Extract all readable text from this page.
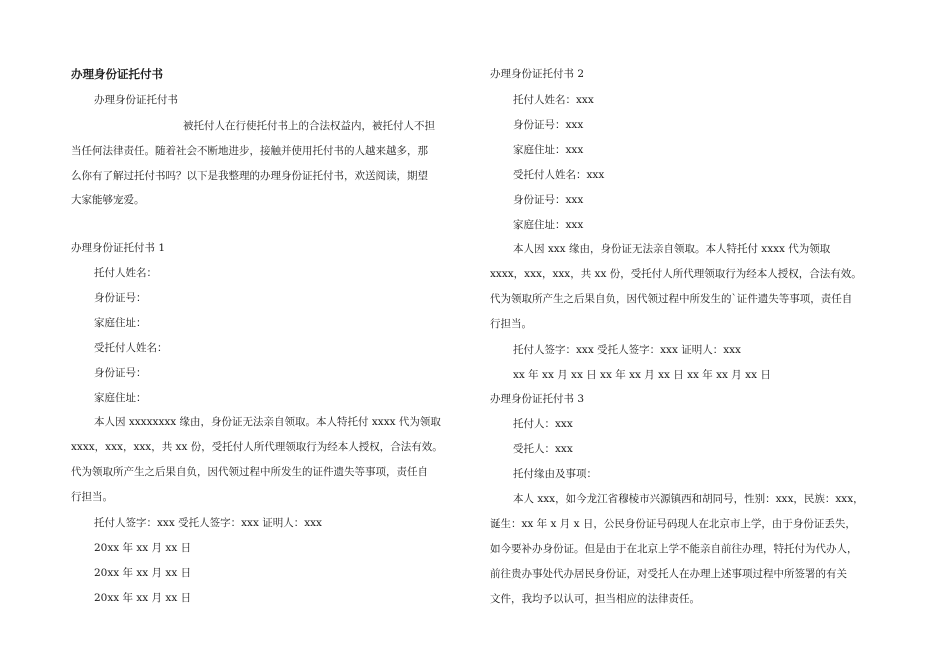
办理身份证托付书
办理身份证托付书
被托付人在行使托付书上的合法权益内，被托付人不担
当任何法律责任。随着社会不断地进步，接触并使用托付书的人越来越多，那
么你有了解过托付书吗？以下是我整理的办理身份证托付书，欢送阅读，期望
大家能够宠爱。
办理身份证托付书 1
托付人姓名：
身份证号：
家庭住址：
受托付人姓名：
身份证号：
家庭住址：
本人因 xxxxxxxx 缘由，身份证无法亲自领取。本人特托付 xxxx 代为领取
xxxx，xxx，xxx，共 xx 份，受托付人所代理领取行为经本人授权，合法有效。
代为领取所产生之后果自负，因代领过程中所发生的证件遗失等事项，责任自
行担当。
托付人签字：xxx 受托人签字：xxx 证明人：xxx
20xx 年 xx 月 xx 日
20xx 年 xx 月 xx 日
20xx 年 xx 月 xx 日
办理身份证托付书 2
托付人姓名：xxx
身份证号：xxx
家庭住址：xxx
受托付人姓名：xxx
身份证号：xxx
家庭住址：xxx
本人因 xxx 缘由，身份证无法亲自领取。本人特托付 xxxx 代为领取
xxxx，xxx，xxx，共 xx 份，受托付人所代理领取行为经本人授权，合法有效。
代为领取所产生之后果自负，因代领过程中所发生的`证件遗失等事项，责任自
行担当。
托付人签字：xxx 受托人签字：xxx 证明人：xxx
xx 年 xx 月 xx 日 xx 年 xx 月 xx 日 xx 年 xx 月 xx 日
办理身份证托付书 3
托付人：xxx
受托人：xxx
托付缘由及事项：
本人 xxx，如今龙江省穆棱市兴源镇西和胡同号，性别：xxx，民族：xxx，
诞生：xx 年 x 月 x 日，公民身份证号码现人在北京市上学，由于身份证丢失，
如今要补办身份证。但是由于在北京上学不能亲自前往办理，特托付为代办人，
前往贵办事处代办居民身份证，对受托人在办理上述事项过程中所签署的有关
文件，我均予以认可，担当相应的法律责任。
